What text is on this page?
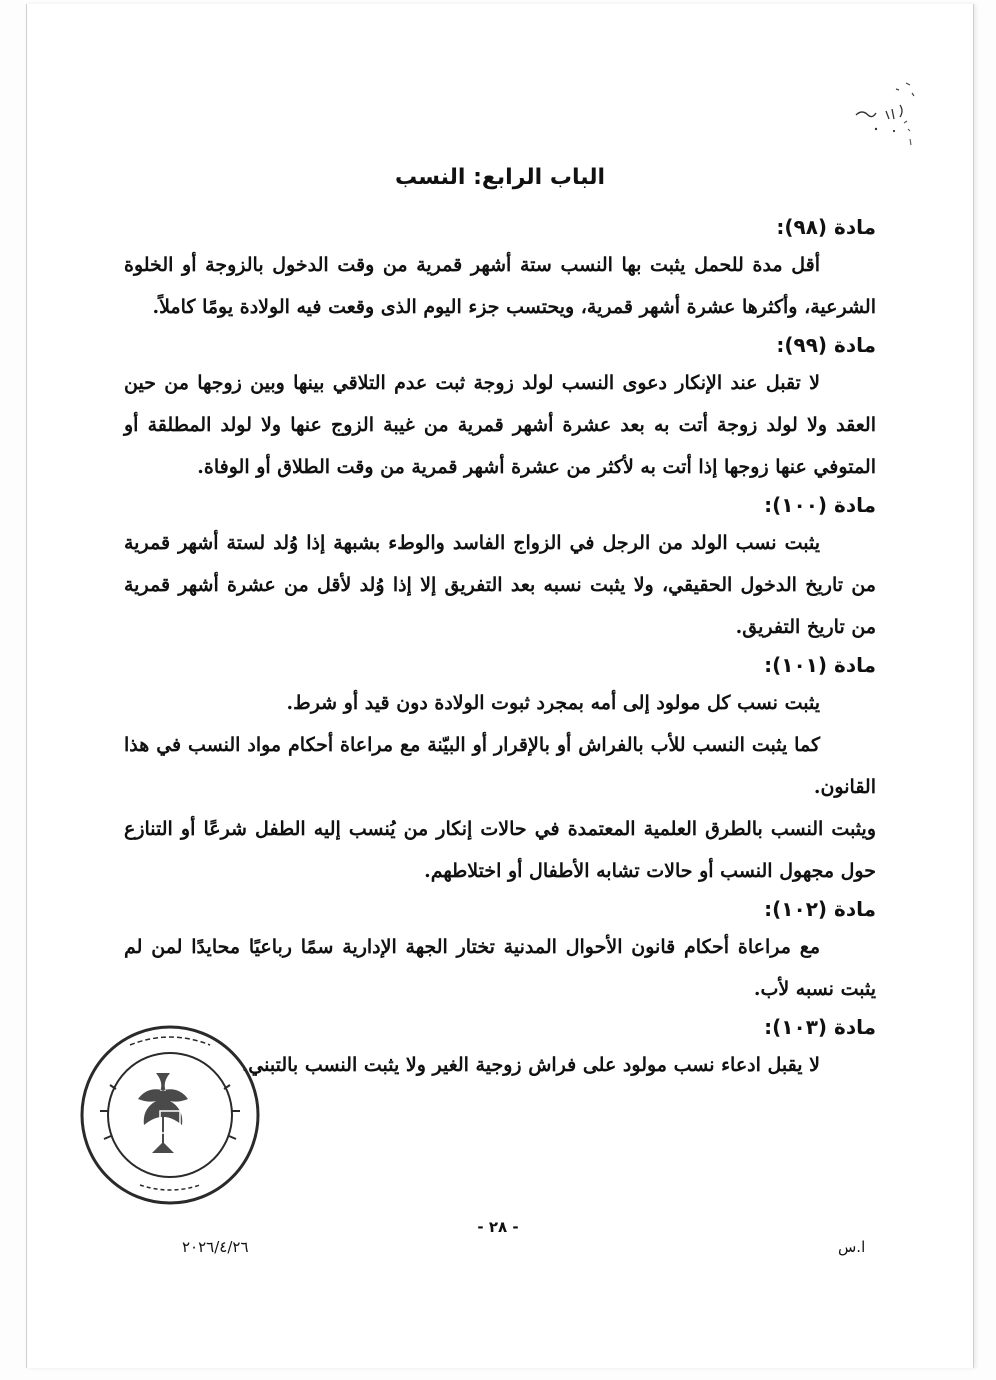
الباب الرابع: النسب
مادة (٩٨):

أقل مدة للحمل يثبت بها النسب ستة أشهر قمرية من وقت الدخول بالزوجة أو الخلوة الشرعية، وأكثرها عشرة أشهر قمرية، ويحتسب جزء اليوم الذى وقعت فيه الولادة يومًا كاملاً.

مادة (٩٩):

لا تقبل عند الإنكار دعوى النسب لولد زوجة ثبت عدم التلاقي بينها وبين زوجها من حين العقد ولا لولد زوجة أتت به بعد عشرة أشهر قمرية من غيبة الزوج عنها ولا لولد المطلقة أو المتوفي عنها زوجها إذا أتت به لأكثر من عشرة أشهر قمرية من وقت الطلاق أو الوفاة.

مادة (١٠٠):

يثبت نسب الولد من الرجل في الزواج الفاسد والوطء بشبهة إذا وُلد لستة أشهر قمرية من تاريخ الدخول الحقيقي، ولا يثبت نسبه بعد التفريق إلا إذا وُلد لأقل من عشرة أشهر قمرية من تاريخ التفريق.

مادة (١٠١):

يثبت نسب كل مولود إلى أمه بمجرد ثبوت الولادة دون قيد أو شرط.

كما يثبت النسب للأب بالفراش أو بالإقرار أو البيّنة مع مراعاة أحكام مواد النسب في هذا القانون.

ويثبت النسب بالطرق العلمية المعتمدة في حالات إنكار من يُنسب إليه الطفل شرعًا أو التنازع حول مجهول النسب أو حالات تشابه الأطفال أو اختلاطهم.

مادة (١٠٢):

مع مراعاة أحكام قانون الأحوال المدنية تختار الجهة الإدارية سمًا رباعيًا محايدًا لمن لم يثبت نسبه لأب.

مادة (١٠٣):

لا يقبل ادعاء نسب مولود على فراش زوجية الغير ولا يثبت النسب بالتبني.

- ٢٨ -
ا.س
٢٠٢٦/٤/٢٦
